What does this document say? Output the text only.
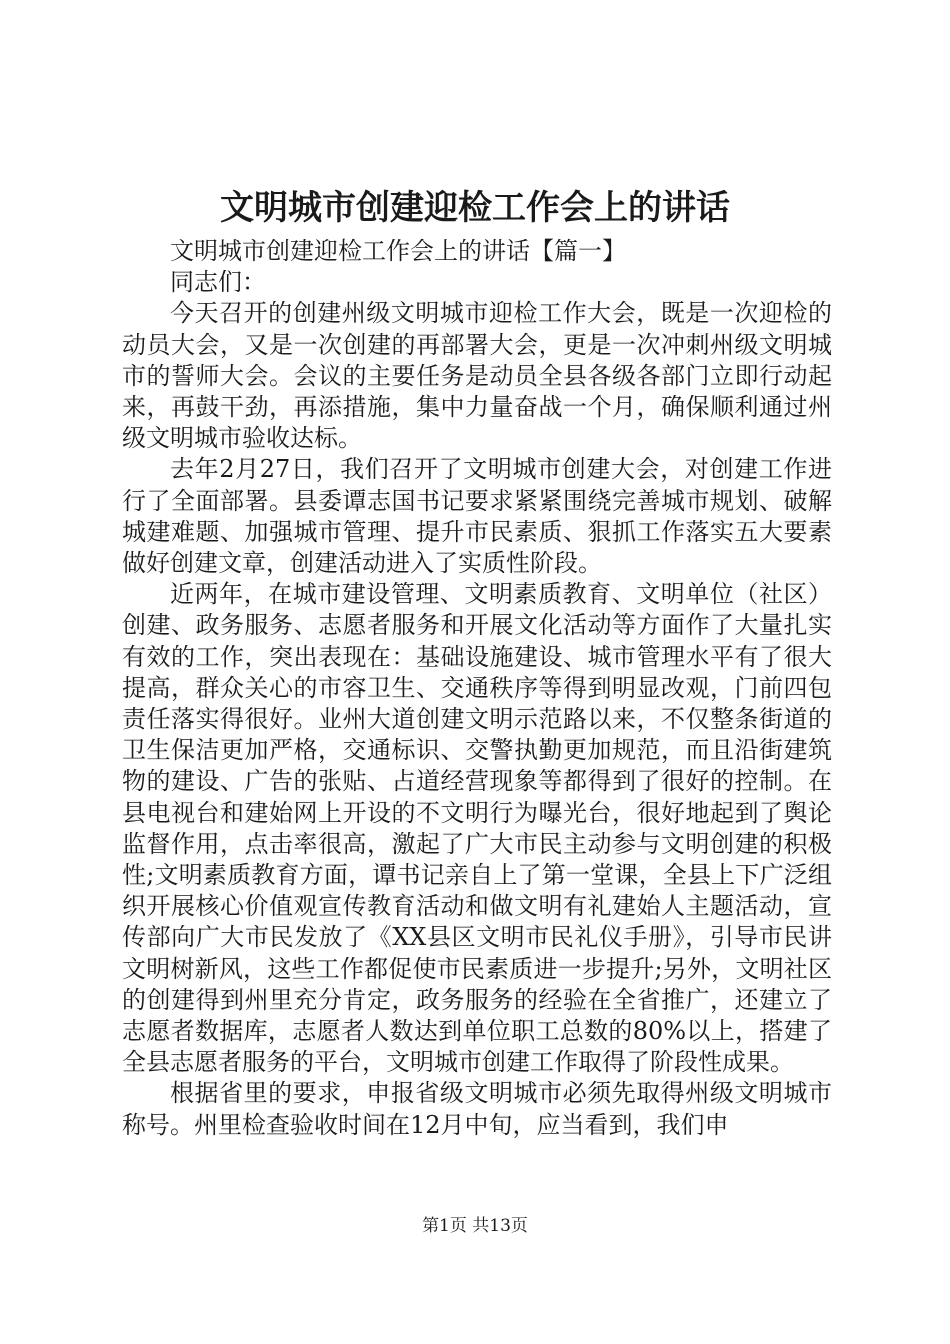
文明城市创建迎检工作会上的讲话

文明城市创建迎检工作会上的讲话【篇一】

同志们：

今天召开的创建州级文明城市迎检工作大会，既是一次迎检的动员大会，又是一次创建的再部署大会，更是一次冲刺州级文明城市的誓师大会。会议的主要任务是动员全县各级各部门立即行动起来，再鼓干劲，再添措施，集中力量奋战一个月，确保顺利通过州级文明城市验收达标。

去年2月27日，我们召开了文明城市创建大会，对创建工作进行了全面部署。县委谭志国书记要求紧紧围绕完善城市规划、破解城建难题、加强城市管理、提升市民素质、狠抓工作落实五大要素做好创建文章，创建活动进入了实质性阶段。

近两年，在城市建设管理、文明素质教育、文明单位（社区）创建、政务服务、志愿者服务和开展文化活动等方面作了大量扎实有效的工作，突出表现在：基础设施建设、城市管理水平有了很大提高，群众关心的市容卫生、交通秩序等得到明显改观，门前四包责任落实得很好。业州大道创建文明示范路以来，不仅整条街道的卫生保洁更加严格，交通标识、交警执勤更加规范，而且沿街建筑物的建设、广告的张贴、占道经营现象等都得到了很好的控制。在县电视台和建始网上开设的不文明行为曝光台，很好地起到了舆论监督作用，点击率很高，激起了广大市民主动参与文明创建的积极性;文明素质教育方面，谭书记亲自上了第一堂课，全县上下广泛组织开展核心价值观宣传教育活动和做文明有礼建始人主题活动，宣传部向广大市民发放了《XX县区文明市民礼仪手册》，引导市民讲文明树新风，这些工作都促使市民素质进一步提升;另外，文明社区的创建得到州里充分肯定，政务服务的经验在全省推广，还建立了志愿者数据库，志愿者人数达到单位职工总数的80%以上，搭建了全县志愿者服务的平台，文明城市创建工作取得了阶段性成果。

根据省里的要求，申报省级文明城市必须先取得州级文明城市称号。州里检查验收时间在12月中旬，应当看到，我们申

第1页 共13页
